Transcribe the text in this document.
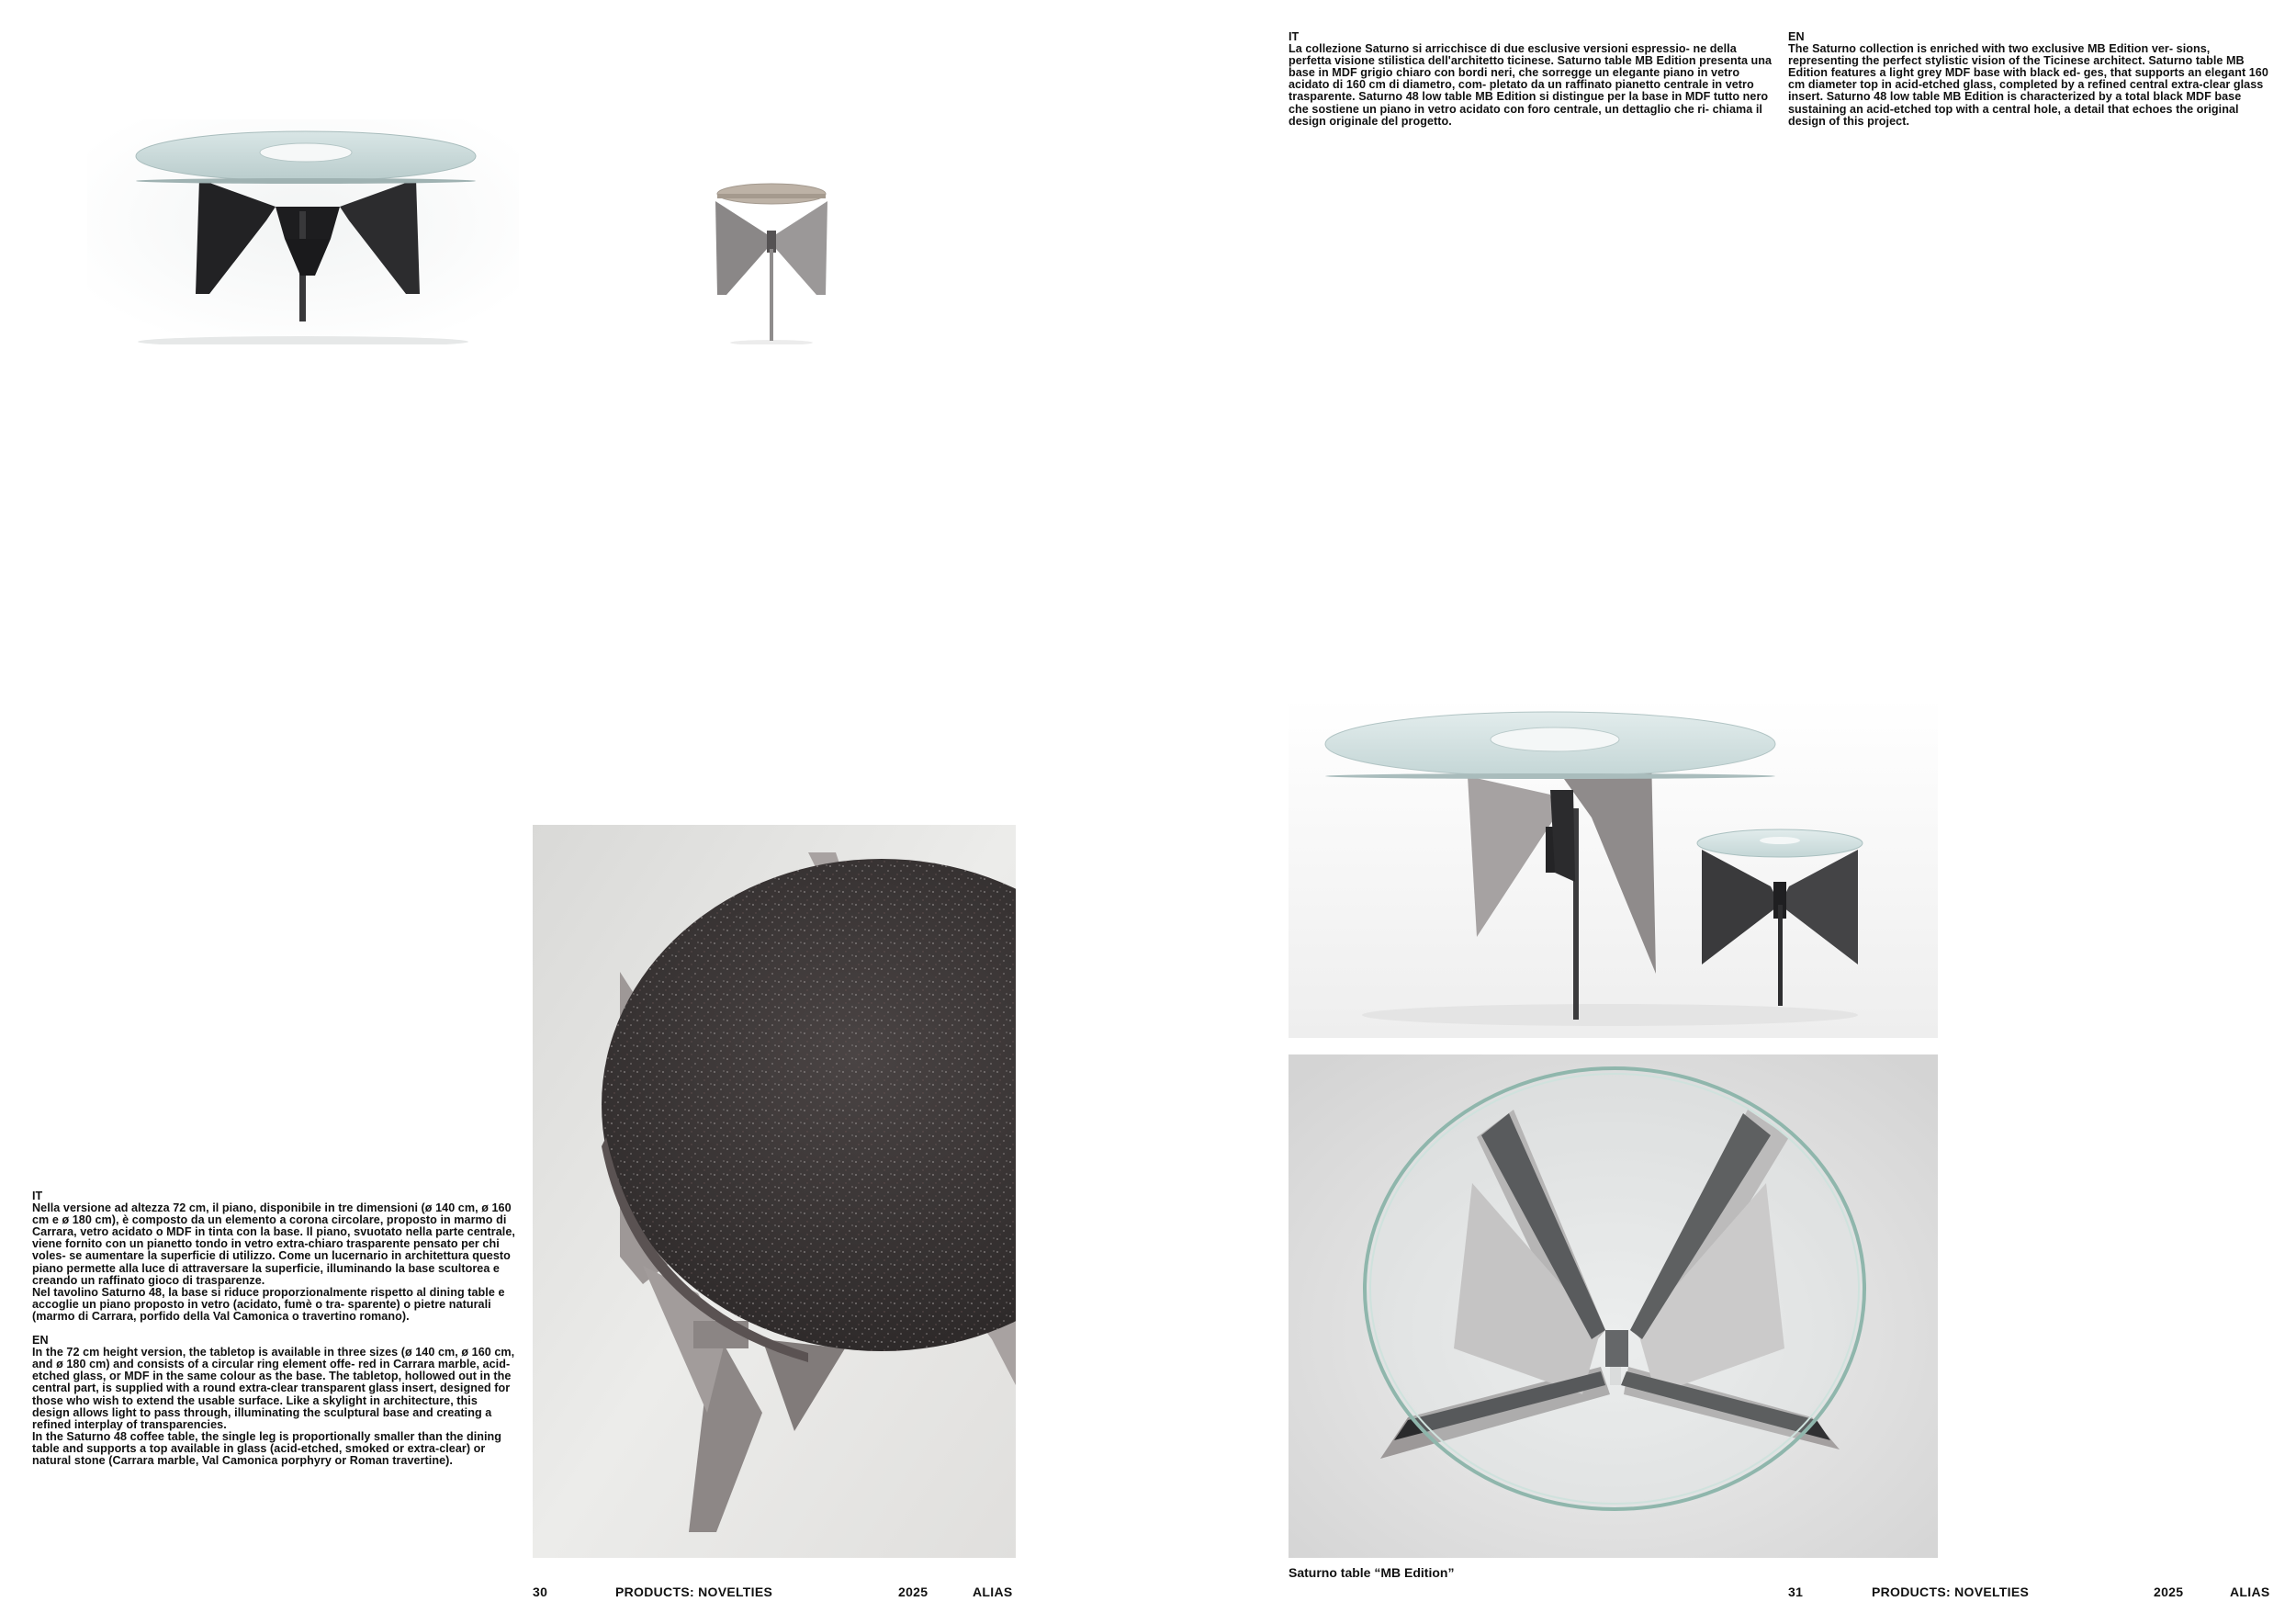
IT

Nella versione ad altezza 72 cm, il piano, disponibile in tre dimensioni (ø 140 cm, ø 160 cm e ø 180 cm), è composto da un elemento a corona circolare, proposto in marmo di Carrara, vetro acidato o MDF in tinta con la base. Il piano, svuotato nella parte centrale, viene fornito con un pianetto tondo in vetro extra-chiaro trasparente pensato per chi voles- se aumentare la superficie di utilizzo. Come un lucernario in architettura questo piano permette alla luce di attraversare la superficie, illuminando la base scultorea e creando un raffinato gioco di trasparenze.

Nel tavolino Saturno 48, la base si riduce proporzionalmente rispetto al dining table e accoglie un piano proposto in vetro (acidato, fumè o tra- sparente) o pietre naturali (marmo di Carrara, porfido della Val Camonica o travertino romano).

EN

In the 72 cm height version, the tabletop is available in three sizes (ø 140 cm, ø 160 cm, and ø 180 cm) and consists of a circular ring element offe- red in Carrara marble, acid-etched glass, or MDF in the same colour as the base. The tabletop, hollowed out in the central part, is supplied with a round extra-clear transparent glass insert, designed for those who wish to extend the usable surface. Like a skylight in architecture, this design allows light to pass through, illuminating the sculptural base and creating a refined interplay of transparencies.

In the Saturno 48 coffee table, the single leg is proportionally smaller than the dining table and supports a top available in glass (acid-etched, smoked or extra-clear) or natural stone (Carrara marble, Val Camonica porphyry or Roman travertine).

30	PRODUCTS: NOVELTIES	2025	ALIAS
IT

La collezione Saturno si arricchisce di due esclusive versioni espressio- ne della perfetta visione stilistica dell'architetto ticinese. Saturno table MB Edition presenta una base in MDF grigio chiaro con bordi neri, che sorregge un elegante piano in vetro acidato di 160 cm di diametro, com- pletato da un raffinato pianetto centrale in vetro trasparente. Saturno 48 low table MB Edition si distingue per la base in MDF tutto nero che sostiene un piano in vetro acidato con foro centrale, un dettaglio che ri- chiama il design originale del progetto.

EN

The Saturno collection is enriched with two exclusive MB Edition ver- sions, representing the perfect stylistic vision of the Ticinese architect. Saturno table MB Edition features a light grey MDF base with black ed- ges, that supports an elegant 160 cm diameter top in acid-etched glass, completed by a refined central extra-clear glass insert. Saturno 48 low table MB Edition is characterized by a total black MDF base sustaining an acid-etched top with a central hole, a detail that echoes the original design of this project.

Saturno table “MB Edition”
31	PRODUCTS: NOVELTIES	2025	ALIAS
